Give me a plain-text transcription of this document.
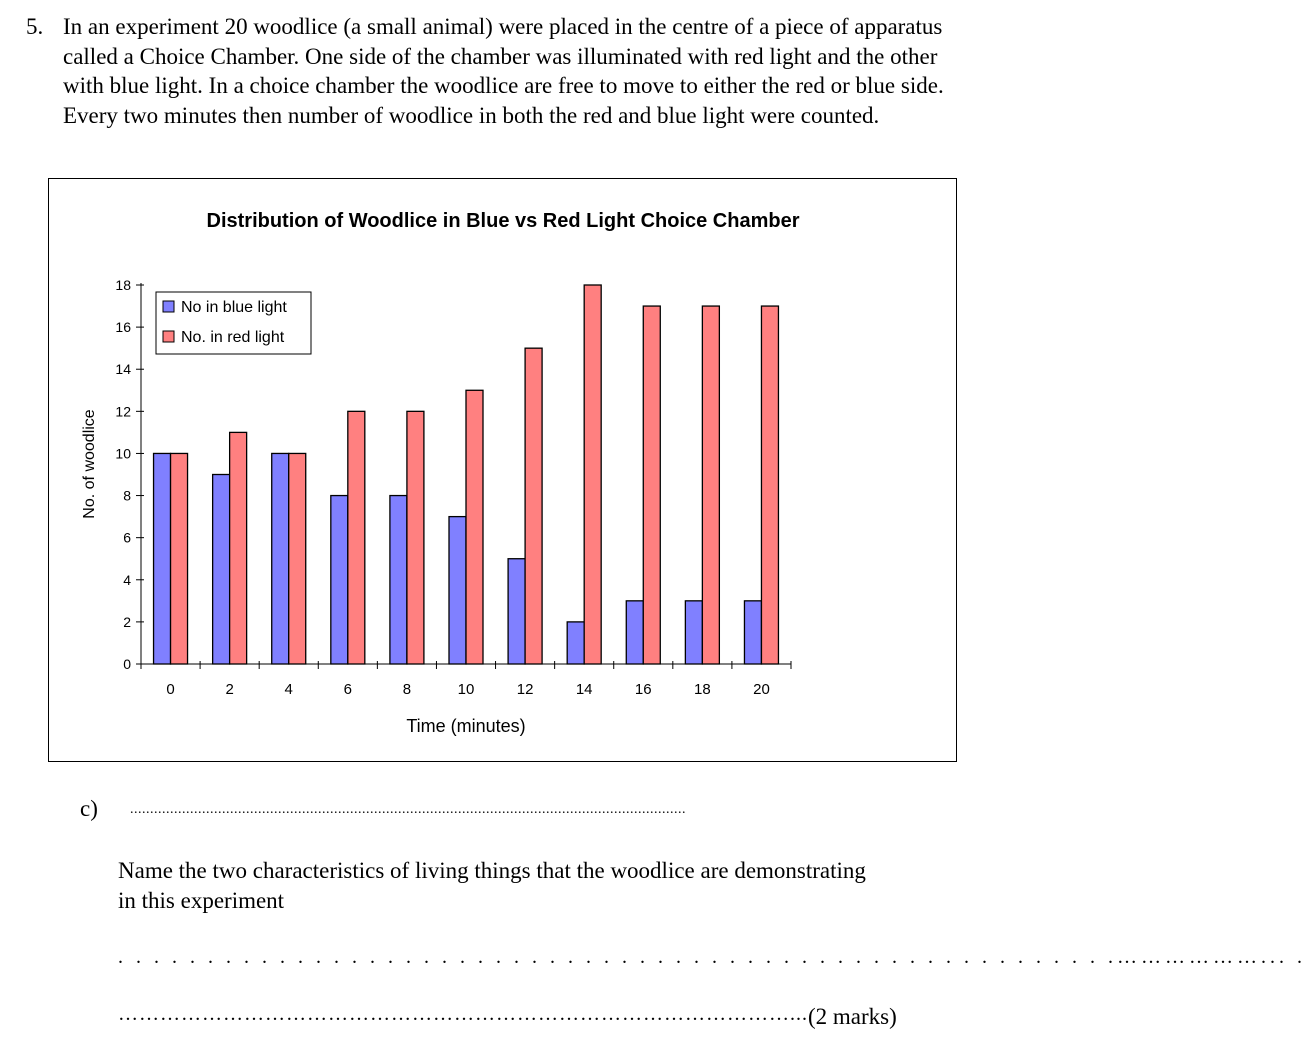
5. In an experiment 20 woodlice (a small animal) were placed in the centre of a piece of apparatus called a Choice Chamber. One side of the chamber was illuminated with red light and the other with blue light. In a choice chamber the woodlice are free to move to either the red or blue side. Every two minutes then number of woodlice in both the red and blue light were counted.
Distribution of Woodlice in Blue vs Red Light Choice Chamber
No. of woodlice
Time (minutes)
0
2
4
6
8
10
12
14
16
18
0	2	4	6	8	10	12	14	16	18	20
No in blue light
No. in red light
c) ...........................................................................................................................................
Name the two characteristics of living things that the woodlice are demonstrating in this experiment
. . . . . . . . . . . . . . . . . . . . . . . . . . . . . . . . . . . . . . . . . . . . . . . . . . . . . . . .………………... .
……………………………………………………………………………………... (2 marks)
